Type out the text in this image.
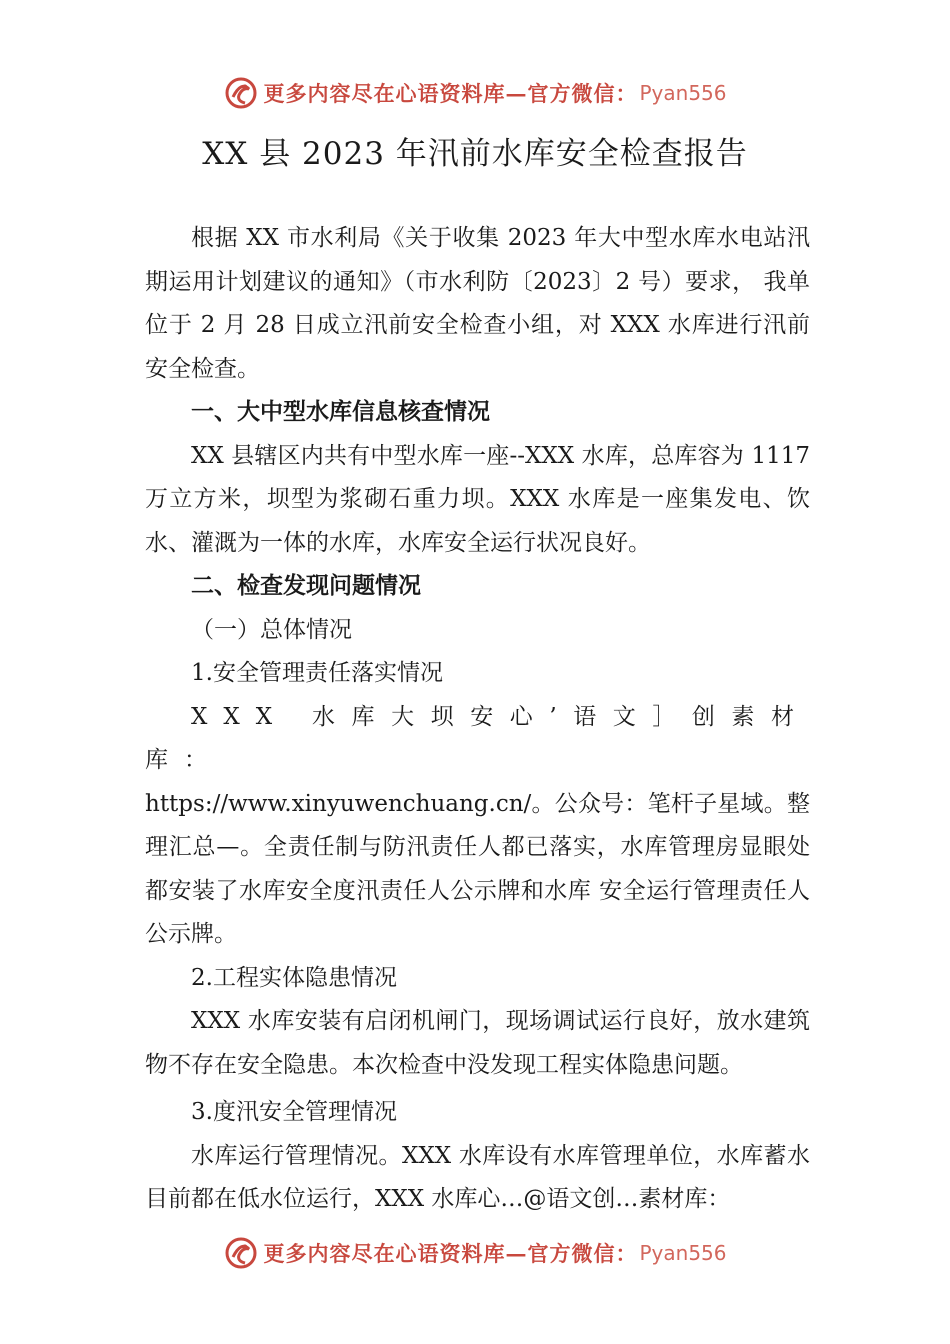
更多内容尽在心语资料库—官方微信： Pyan556
XX 县 2023 年汛前水库安全检查报告

根据 XX 市水利局《关于收集 2023 年大中型水库水电站汛期运用计划建议的通知》（市水利防〔2023〕2 号）要求， 我单位于 2 月 28 日成立汛前安全检查小组，对 XXX 水库进行汛前安全检查。

一、大中型水库信息核查情况

XX 县辖区内共有中型水库一座--XXX 水库，总库容为 1117 万立方米，坝型为浆砌石重力坝。XXX 水库是一座集发电、饮水、灌溉为一体的水库，水库安全运行状况良好。

二、检查发现问题情况

（一）总体情况

1.安全管理责任落实情况

XXX 水库大坝安心’语文］创素材库：

https://www.xinyuwenchuang.cn/。公众号：笔杆子星域。整理汇总—。全责任制与防汛责任人都已落实，水库管理房显眼处都安装了水库安全度汛责任人公示牌和水库 安全运行管理责任人公示牌。

2.工程实体隐患情况

XXX 水库安装有启闭机闸门，现场调试运行良好，放水建筑物不存在安全隐患。本次检查中没发现工程实体隐患问题。

3.度汛安全管理情况

水库运行管理情况。XXX 水库设有水库管理单位，水库蓄水目前都在低水位运行，XXX 水库心…@语文创…素材库：

更多内容尽在心语资料库—官方微信： Pyan556
